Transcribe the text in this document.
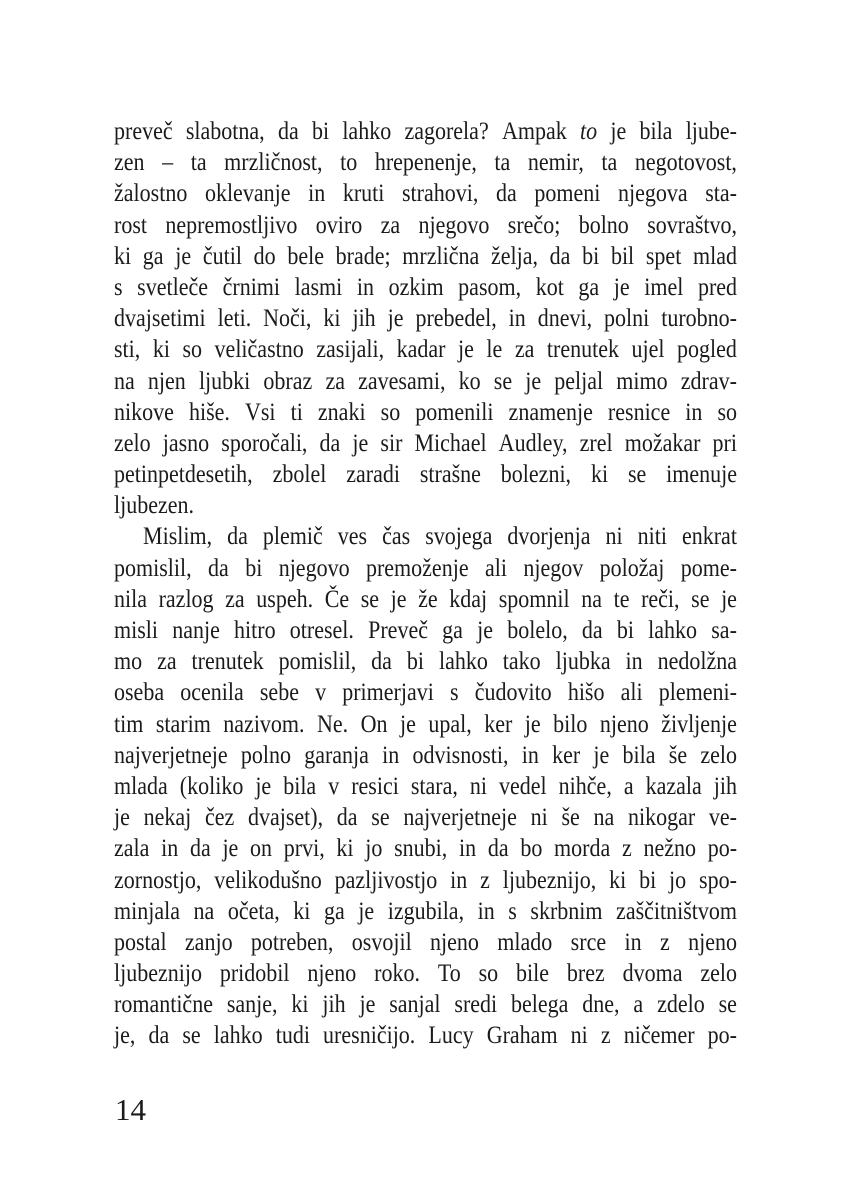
preveč slabotna, da bi lahko zagorela? Ampak to je bila ljube-
zen – ta mrzličnost, to hrepenenje, ta nemir, ta negotovost,
žalostno oklevanje in kruti strahovi, da pomeni njegova sta-
rost nepremostljivo oviro za njegovo srečo; bolno sovraštvo,
ki ga je čutil do bele brade; mrzlična želja, da bi bil spet mlad
s svetleče črnimi lasmi in ozkim pasom, kot ga je imel pred
dvajsetimi leti. Noči, ki jih je prebedel, in dnevi, polni turobno-
sti, ki so veličastno zasijali, kadar je le za trenutek ujel pogled
na njen ljubki obraz za zavesami, ko se je peljal mimo zdrav-
nikove hiše. Vsi ti znaki so pomenili znamenje resnice in so
zelo jasno sporočali, da je sir Michael Audley, zrel možakar pri
petinpetdesetih, zbolel zaradi strašne bolezni, ki se imenuje
ljubezen.
Mislim, da plemič ves čas svojega dvorjenja ni niti enkrat
pomislil, da bi njegovo premoženje ali njegov položaj pome-
nila razlog za uspeh. Če se je že kdaj spomnil na te reči, se je
misli nanje hitro otresel. Preveč ga je bolelo, da bi lahko sa-
mo za trenutek pomislil, da bi lahko tako ljubka in nedolžna
oseba ocenila sebe v primerjavi s čudovito hišo ali plemeni-
tim starim nazivom. Ne. On je upal, ker je bilo njeno življenje
najverjetneje polno garanja in odvisnosti, in ker je bila še zelo
mlada (koliko je bila v resici stara, ni vedel nihče, a kazala jih
je nekaj čez dvajset), da se najverjetneje ni še na nikogar ve-
zala in da je on prvi, ki jo snubi, in da bo morda z nežno po-
zornostjo, velikodušno pazljivostjo in z ljubeznijo, ki bi jo spo-
minjala na očeta, ki ga je izgubila, in s skrbnim zaščitništvom
postal zanjo potreben, osvojil njeno mlado srce in z njeno
ljubeznijo pridobil njeno roko. To so bile brez dvoma zelo
romantične sanje, ki jih je sanjal sredi belega dne, a zdelo se
je, da se lahko tudi uresničijo. Lucy Graham ni z ničemer po-
14
